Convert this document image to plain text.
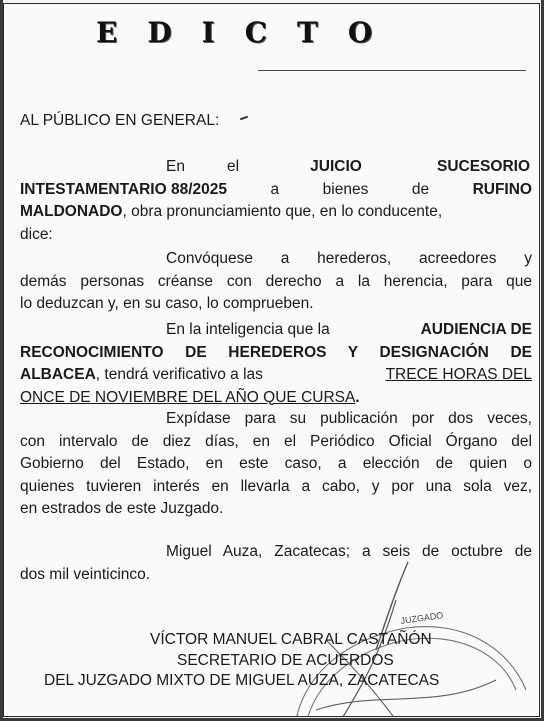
EDICTO
AL PÚBLICO EN GENERAL:
En	el	JUICIO	SUCESORIO
INTESTAMENTARIO 88/2025	a	bienes	de	RUFINO
MALDONADO , obra pronunciamiento que, en lo conducente,
dice:
Convóquese a herederos, acreedores y
demás personas créanse con derecho a la herencia, para que
lo deduzcan y, en su caso, lo comprueben.
En la inteligencia que la	AUDIENCIA DE
RECONOCIMIENTO DE HEREDEROS Y DESIGNACIÓN DE
ALBACEA, tendrá verificativo a las	TRECE HORAS DEL
ONCE DE NOVIEMBRE DEL AÑO QUE CURSA.
Expídase para su publicación por dos veces,
con intervalo de diez días, en el Periódico Oficial Órgano del
Gobierno del Estado, en este caso, a elección de quien o
quienes tuvieren interés en llevarla a cabo, y por una sola vez,
en estrados de este Juzgado.
Miguel Auza, Zacatecas; a seis de octubre de
dos mil veinticinco.
JUZGADO
VÍCTOR MANUEL CABRAL CASTAÑÓN
SECRETARIO DE ACUERDOS
DEL JUZGADO MIXTO DE MIGUEL AUZA, ZACATECAS
